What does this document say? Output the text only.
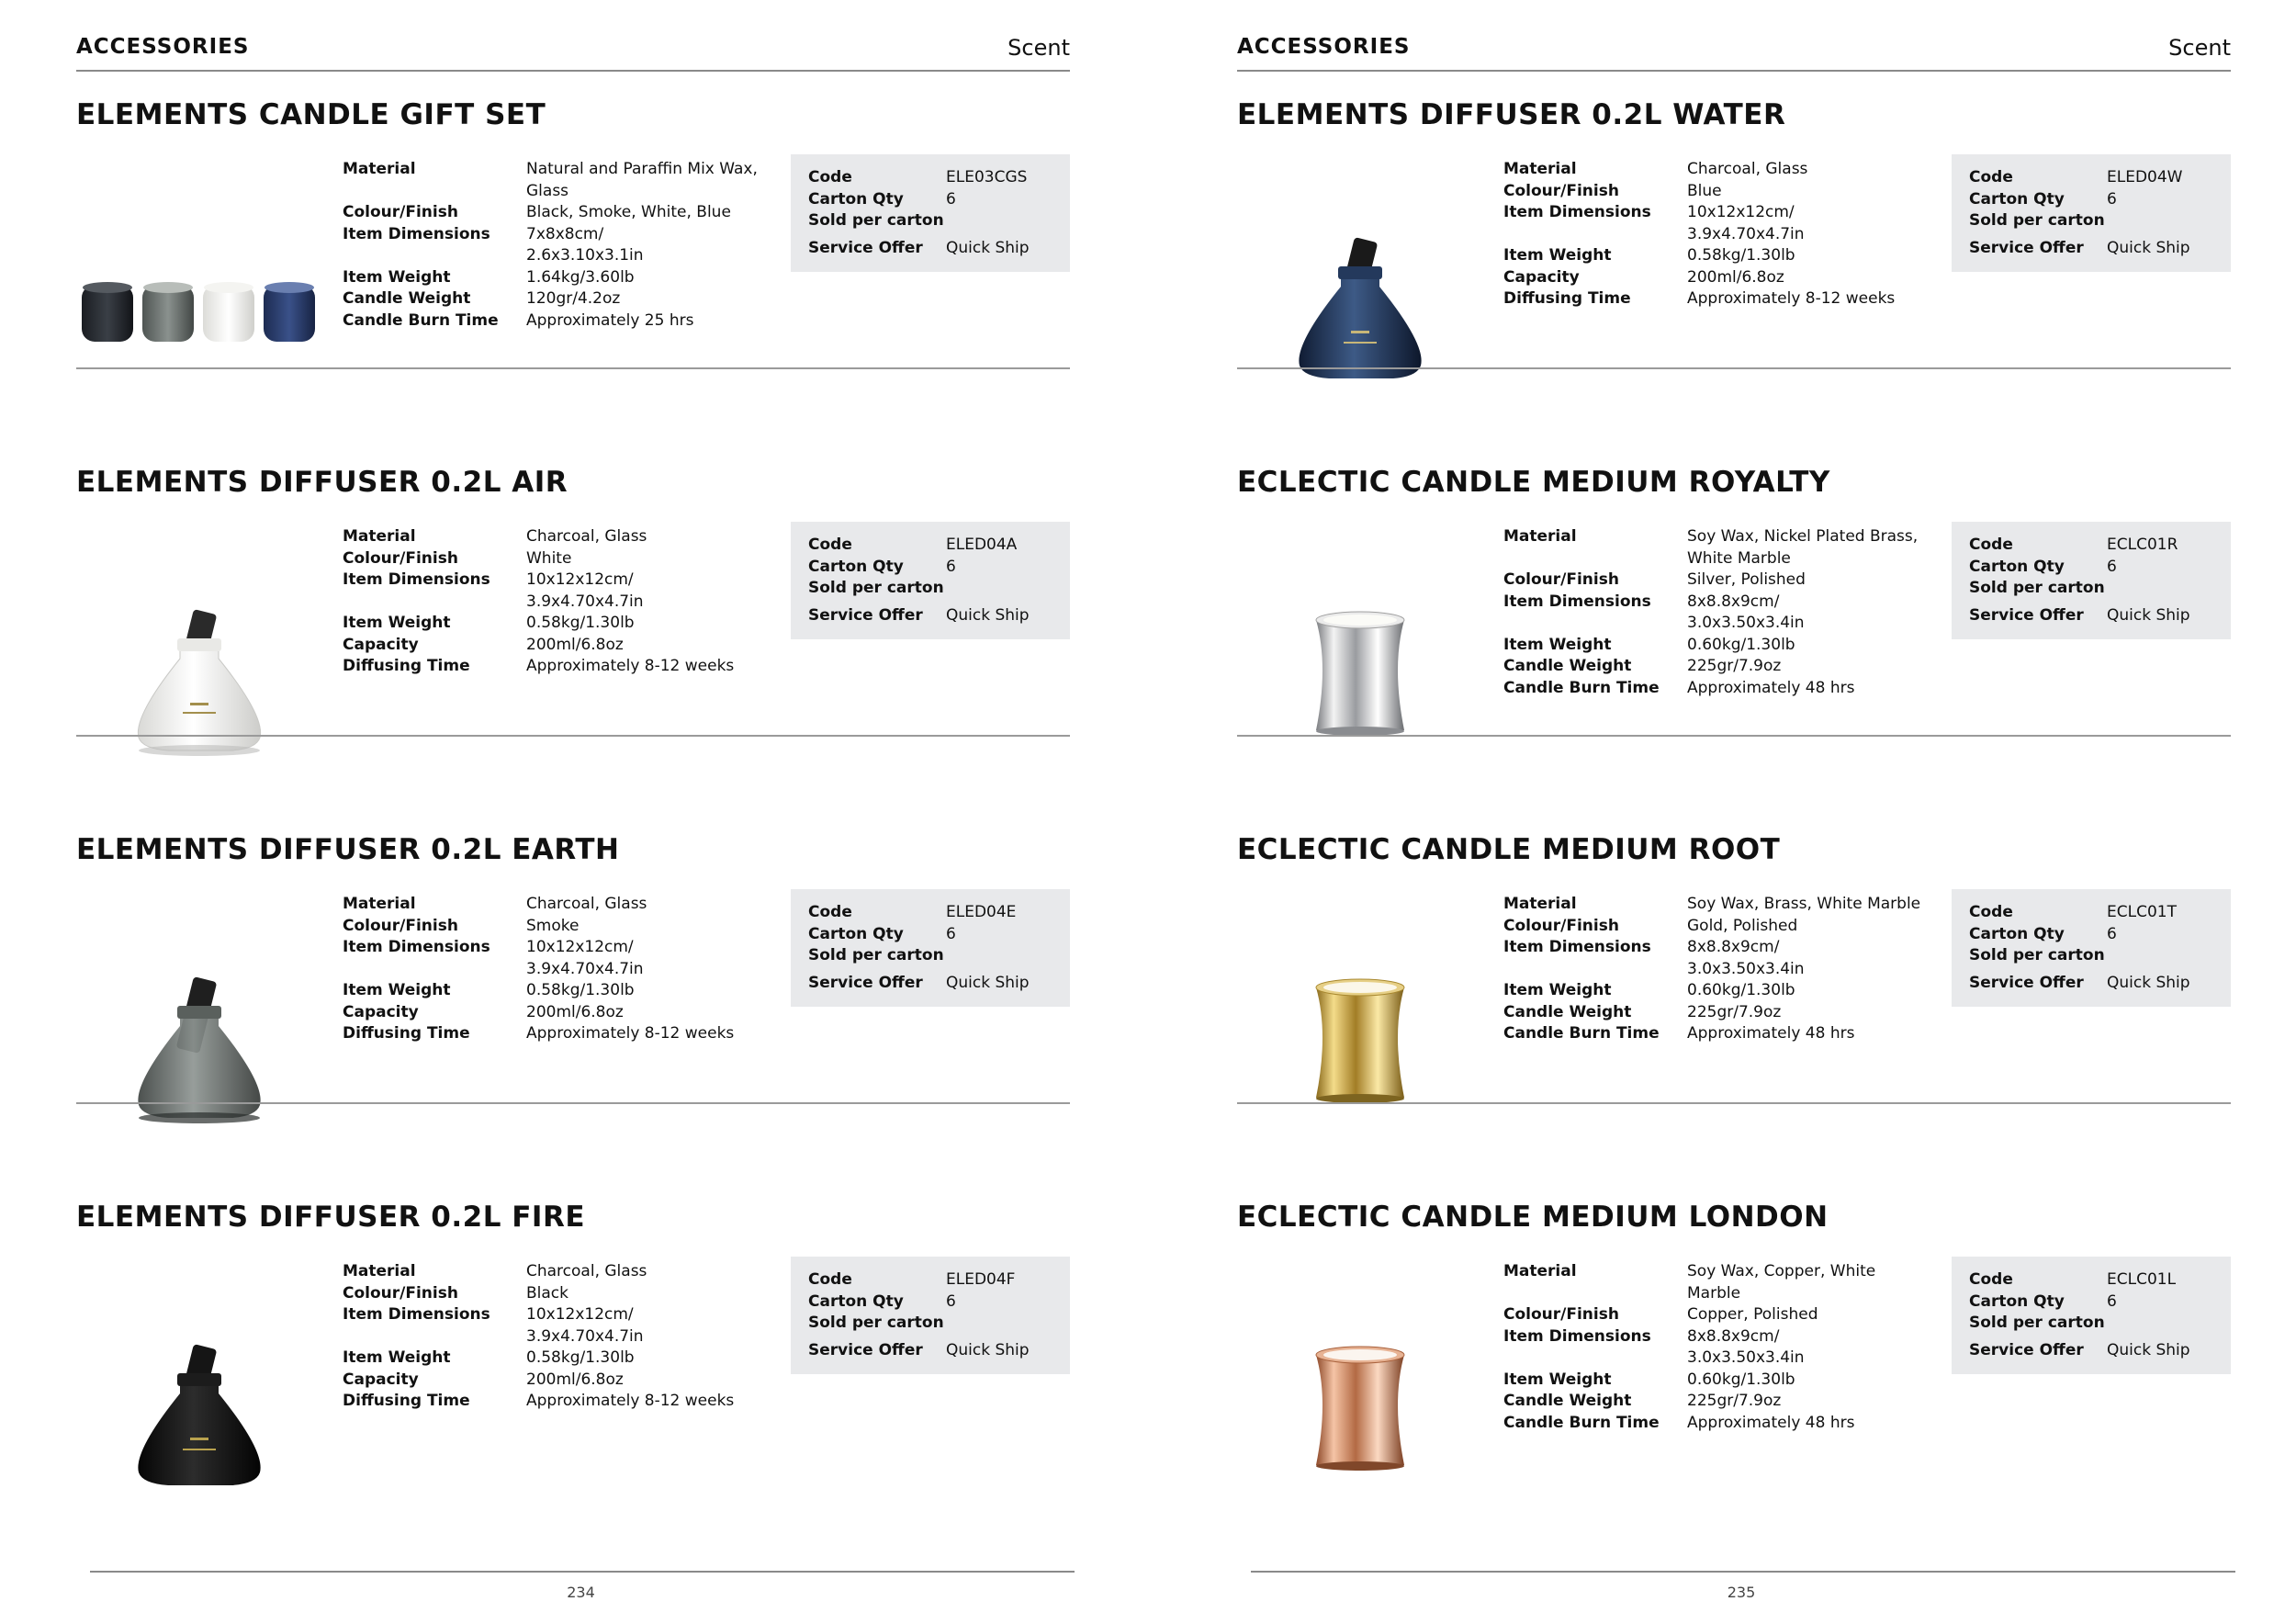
ACCESSORIES	Scent
ELEMENTS CANDLE GIFT SET
Material	Natural and Paraffin Mix Wax,
Glass
Colour/Finish	Black, Smoke, White, Blue
Item Dimensions	7x8x8cm/
2.6x3.10x3.1in
Item Weight	1.64kg/3.60lb
Candle Weight	120gr/4.2oz
Candle Burn Time	Approximately 25 hrs
Code	ELE03CGS
Carton Qty	6
Sold per carton
Service Offer	Quick Ship
ELEMENTS DIFFUSER 0.2L AIR
Material	Charcoal, Glass
Colour/Finish	White
Item Dimensions	10x12x12cm/
3.9x4.70x4.7in
Item Weight	0.58kg/1.30lb
Capacity	200ml/6.8oz
Diffusing Time	Approximately 8-12 weeks
Code	ELED04A
Carton Qty	6
Sold per carton
Service Offer	Quick Ship
ELEMENTS DIFFUSER 0.2L EARTH
Material	Charcoal, Glass
Colour/Finish	Smoke
Item Dimensions	10x12x12cm/
3.9x4.70x4.7in
Item Weight	0.58kg/1.30lb
Capacity	200ml/6.8oz
Diffusing Time	Approximately 8-12 weeks
Code	ELED04E
Carton Qty	6
Sold per carton
Service Offer	Quick Ship
ELEMENTS DIFFUSER 0.2L FIRE
Material	Charcoal, Glass
Colour/Finish	Black
Item Dimensions	10x12x12cm/
3.9x4.70x4.7in
Item Weight	0.58kg/1.30lb
Capacity	200ml/6.8oz
Diffusing Time	Approximately 8-12 weeks
Code	ELED04F
Carton Qty	6
Sold per carton
Service Offer	Quick Ship
234
ACCESSORIES	Scent
ELEMENTS DIFFUSER 0.2L WATER
Material	Charcoal, Glass
Colour/Finish	Blue
Item Dimensions	10x12x12cm/
3.9x4.70x4.7in
Item Weight	0.58kg/1.30lb
Capacity	200ml/6.8oz
Diffusing Time	Approximately 8-12 weeks
Code	ELED04W
Carton Qty	6
Sold per carton
Service Offer	Quick Ship
ECLECTIC CANDLE MEDIUM ROYALTY
Material	Soy Wax, Nickel Plated Brass,
White Marble
Colour/Finish	Silver, Polished
Item Dimensions	8x8.8x9cm/
3.0x3.50x3.4in
Item Weight	0.60kg/1.30lb
Candle Weight	225gr/7.9oz
Candle Burn Time	Approximately 48 hrs
Code	ECLC01R
Carton Qty	6
Sold per carton
Service Offer	Quick Ship
ECLECTIC CANDLE MEDIUM ROOT
Material	Soy Wax, Brass, White Marble
Colour/Finish	Gold, Polished
Item Dimensions	8x8.8x9cm/
3.0x3.50x3.4in
Item Weight	0.60kg/1.30lb
Candle Weight	225gr/7.9oz
Candle Burn Time	Approximately 48 hrs
Code	ECLC01T
Carton Qty	6
Sold per carton
Service Offer	Quick Ship
ECLECTIC CANDLE MEDIUM LONDON
Material	Soy Wax, Copper, White Marble
Colour/Finish	Copper, Polished
Item Dimensions	8x8.8x9cm/
3.0x3.50x3.4in
Item Weight	0.60kg/1.30lb
Candle Weight	225gr/7.9oz
Candle Burn Time	Approximately 48 hrs
Code	ECLC01L
Carton Qty	6
Sold per carton
Service Offer	Quick Ship
235
